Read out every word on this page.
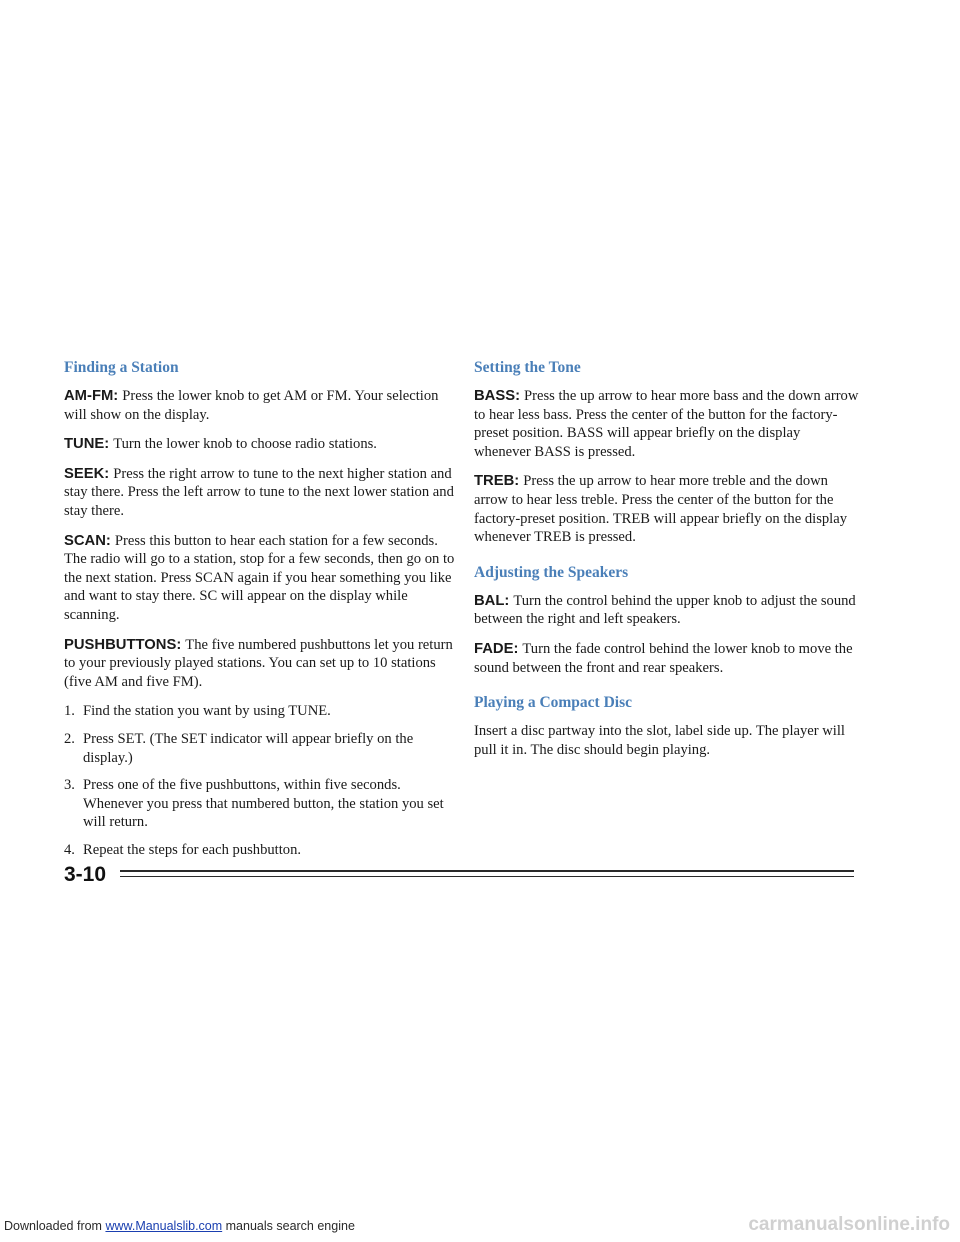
Finding a Station

AM-FM: Press the lower knob to get AM or FM. Your selection will show on the display.

TUNE: Turn the lower knob to choose radio stations.

SEEK: Press the right arrow to tune to the next higher station and stay there. Press the left arrow to tune to the next lower station and stay there.

SCAN: Press this button to hear each station for a few seconds. The radio will go to a station, stop for a few seconds, then go on to the next station. Press SCAN again if you hear something you like and want to stay there. SC will appear on the display while scanning.

PUSHBUTTONS: The five numbered pushbuttons let you return to your previously played stations. You can set up to 10 stations (five AM and five FM).

1. Find the station you want by using TUNE.
2. Press SET. (The SET indicator will appear briefly on the display.)
3. Press one of the five pushbuttons, within five seconds. Whenever you press that numbered button, the station you set will return.
4. Repeat the steps for each pushbutton.
Setting the Tone

BASS: Press the up arrow to hear more bass and the down arrow to hear less bass. Press the center of the button for the factory-preset position. BASS will appear briefly on the display whenever BASS is pressed.

TREB: Press the up arrow to hear more treble and the down arrow to hear less treble. Press the center of the button for the factory-preset position. TREB will appear briefly on the display whenever TREB is pressed.

Adjusting the Speakers

BAL: Turn the control behind the upper knob to adjust the sound between the right and left speakers.

FADE: Turn the fade control behind the lower knob to move the sound between the front and rear speakers.

Playing a Compact Disc

Insert a disc partway into the slot, label side up. The player will pull it in. The disc should begin playing.

3-10
Downloaded from www.Manualslib.com manuals search engine	carmanualsonline.info
